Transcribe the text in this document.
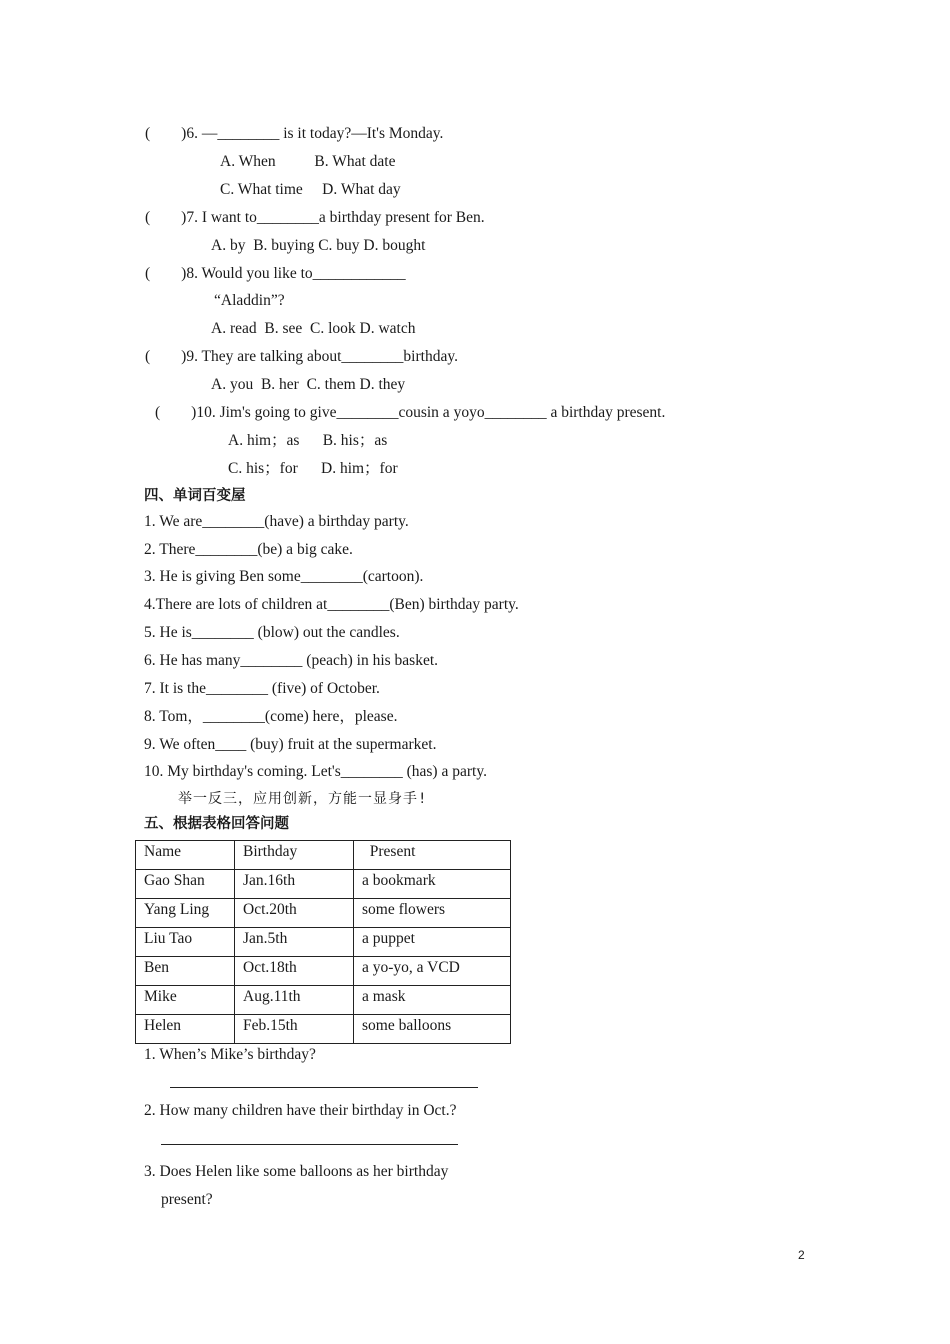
(　　)6. —________ is it today?—It's Monday.
A. When　　  B. What date
C. What time　 D. What day
(　　)7. I want to________a birthday present for Ben.
A. by  B. buying C. buy D. bought
(　　)8. Would you like to____________
“Aladdin”?
A. read  B. see  C. look D. watch
(　　)9. They are talking about________birthday.
A. you  B. her  C. them D. they
(　　)10. Jim's going to give________cousin a yoyo________ a birthday present.
A. him；as　  B. his；as
C. his；for　  D. him；for
四、单词百变屋
1. We are________(have) a birthday party.
2. There________(be) a big cake.
3. He is giving Ben some________(cartoon).
4.There are lots of children at________(Ben) birthday party.
5. He is________ (blow) out the candles.
6. He has many________ (peach) in his basket.
7. It is the________ (five) of October.
8. Tom，________(come) here，please.
9. We often____ (buy) fruit at the supermarket.
10. My birthday's coming. Let's________ (has) a party.
举一反三，应用创新，方能一显身手!
五、根据表格回答问题
Name	Birthday	Present
Gao Shan	Jan.16th	a bookmark
Yang Ling	Oct.20th	some flowers
Liu Tao	Jan.5th	a puppet
Ben	Oct.18th	a yo-yo, a VCD
Mike	Aug.11th	a mask
Helen	Feb.15th	some balloons
1. When’s Mike’s birthday?
2. How many children have their birthday in Oct.?
3. Does Helen like some balloons as her birthday
present?
2
